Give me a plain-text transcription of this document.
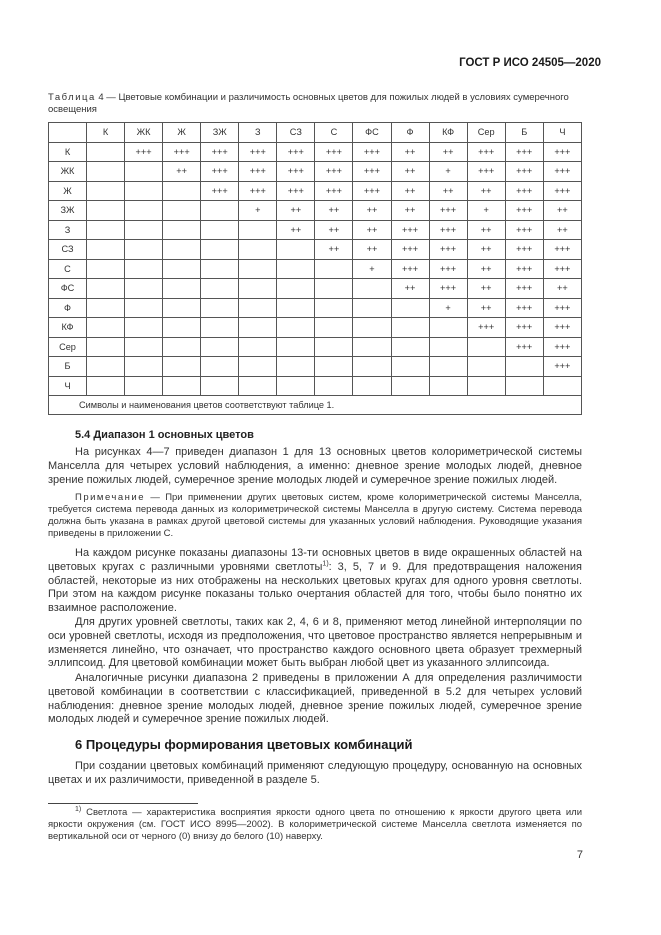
ГОСТ Р ИСО 24505—2020
Таблица 4 — Цветовые комбинации и различимость основных цветов для пожилых людей в условиях сумеречного освещения
	К	ЖК	Ж	ЗЖ	З	СЗ	С	ФС	Ф	КФ	Сер	Б	Ч
К		+++	+++	+++	+++	+++	+++	+++	++	++	+++	+++	+++
ЖК			++	+++	+++	+++	+++	+++	++	+	+++	+++	+++
Ж				+++	+++	+++	+++	+++	++	++	++	+++	+++
ЗЖ					+	++	++	++	++	+++	+	+++	++
З						++	++	++	+++	+++	++	+++	++
СЗ							++	++	+++	+++	++	+++	+++
С								+	+++	+++	++	+++	+++
ФС									++	+++	++	+++	++
Ф										+	++	+++	+++
КФ											+++	+++	+++
Сер												+++	+++
Б													+++
Ч													
Символы и наименования цветов соответствуют таблице 1.													
5.4 Диапазон 1 основных цветов
На рисунках 4—7 приведен диапазон 1 для 13 основных цветов колориметрической системы Манселла для четырех условий наблюдения, а именно: дневное зрение молодых людей, дневное зрение пожилых людей, сумеречное зрение молодых людей и сумеречное зрение пожилых людей.
Примечание — При применении других цветовых систем, кроме колориметрической системы Манселла, требуется система перевода данных из колориметрической системы Манселла в другую систему. Система перевода должна быть указана в рамках другой цветовой системы для указанных условий наблюдения. Руководящие указания приведены в приложении С.
На каждом рисунке показаны диапазоны 13-ти основных цветов в виде окрашенных областей на цветовых кругах с различными уровнями светлоты$^{1)}$: 3, 5, 7 и 9. Для предотвращения наложения областей, некоторые из них отображены на нескольких цветовых кругах для одного уровня светлоты. При этом на каждом рисунке показаны только очертания областей для того, чтобы было понятно их взаимное расположение.
Для других уровней светлоты, таких как 2, 4, 6 и 8, применяют метод линейной интерполяции по оси уровней светлоты, исходя из предположения, что цветовое пространство является непрерывным и изменяется линейно, что означает, что пространство каждого основного цвета образует трехмерный эллипсоид. Для цветовой комбинации может быть выбран любой цвет из указанного эллипсоида.
Аналогичные рисунки диапазона 2 приведены в приложении А для определения различимости цветовой комбинации в соответствии с классификацией, приведенной в 5.2 для четырех условий наблюдения: дневное зрение молодых людей, дневное зрение пожилых людей, сумеречное зрение молодых людей и сумеречное зрение пожилых людей.
6 Процедуры формирования цветовых комбинаций
При создании цветовых комбинаций применяют следующую процедуру, основанную на основных цветах и их различимости, приведенной в разделе 5.
$^{1)}$ Светлота — характеристика восприятия яркости одного цвета по отношению к яркости другого цвета или яркости окружения (см. ГОСТ ИСО 8995—2002). В колориметрической системе Манселла светлота изменяется по вертикальной оси от черного (0) внизу до белого (10) наверху.
7
